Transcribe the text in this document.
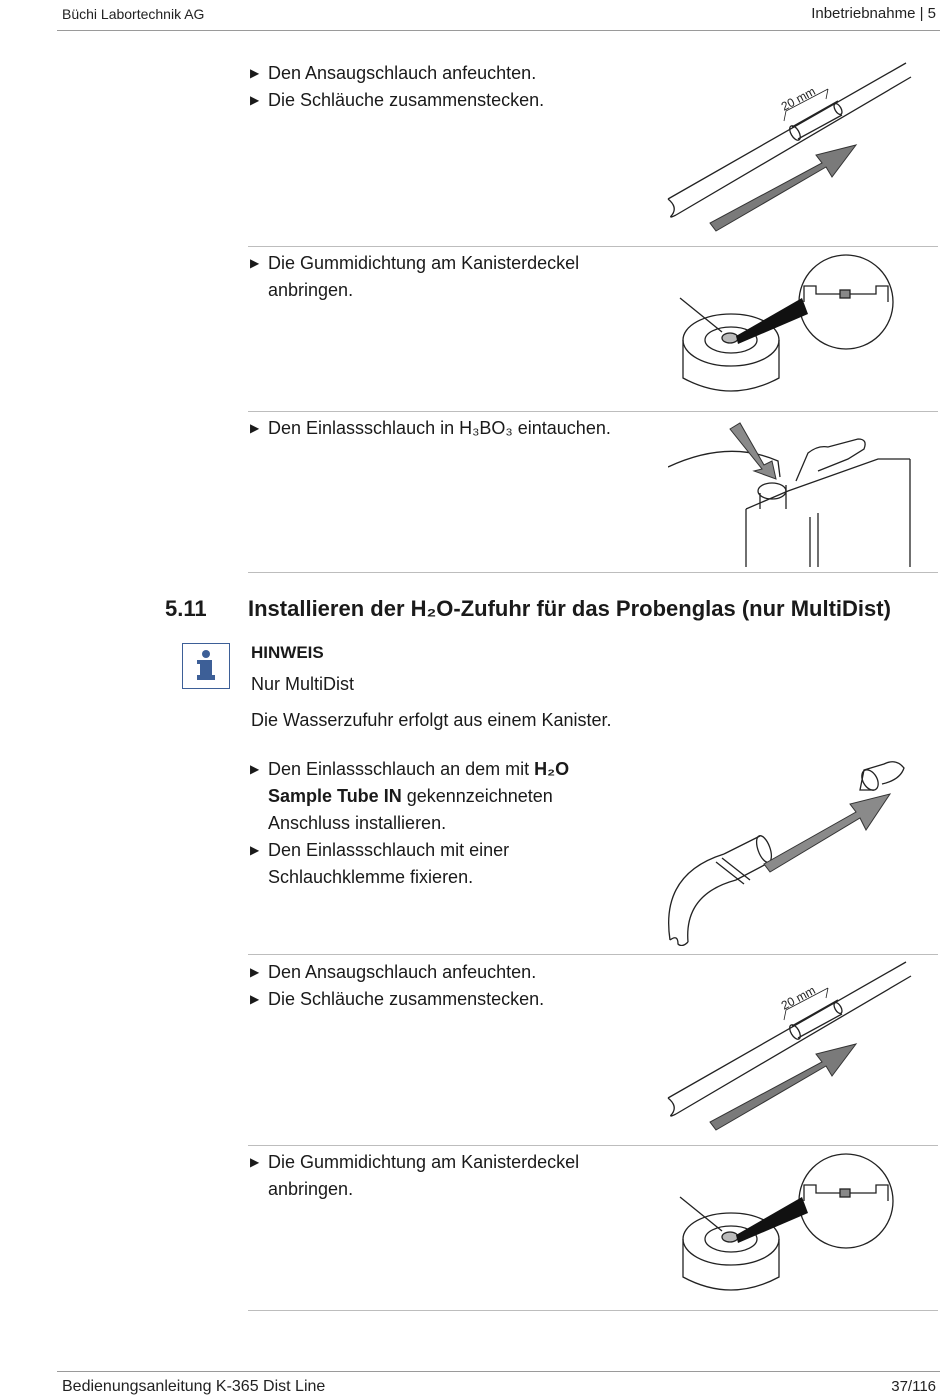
Büchi Labortechnik AG	Inbetriebnahme | 5
▶ Den Ansaugschlauch anfeuchten.
▶ Die Schläuche zusammenstecken.	20 mm
▶ Die Gummidichtung am Kanisterdeckel anbringen.
▶ Den Einlassschlauch in H₃BO₃ eintauchen.
5.11 Installieren der H₂O-Zufuhr für das Probenglas (nur MultiDist)
HINWEIS
Nur MultiDist
Die Wasserzufuhr erfolgt aus einem Kanister.
▶ Den Einlassschlauch an dem mit H₂O Sample Tube IN gekennzeichneten Anschluss installieren.
▶ Den Einlassschlauch mit einer Schlauchklemme fixieren.
▶ Den Ansaugschlauch anfeuchten.
▶ Die Schläuche zusammenstecken.	20 mm
▶ Die Gummidichtung am Kanisterdeckel anbringen.
Bedienungsanleitung K-365 Dist Line	37/116
